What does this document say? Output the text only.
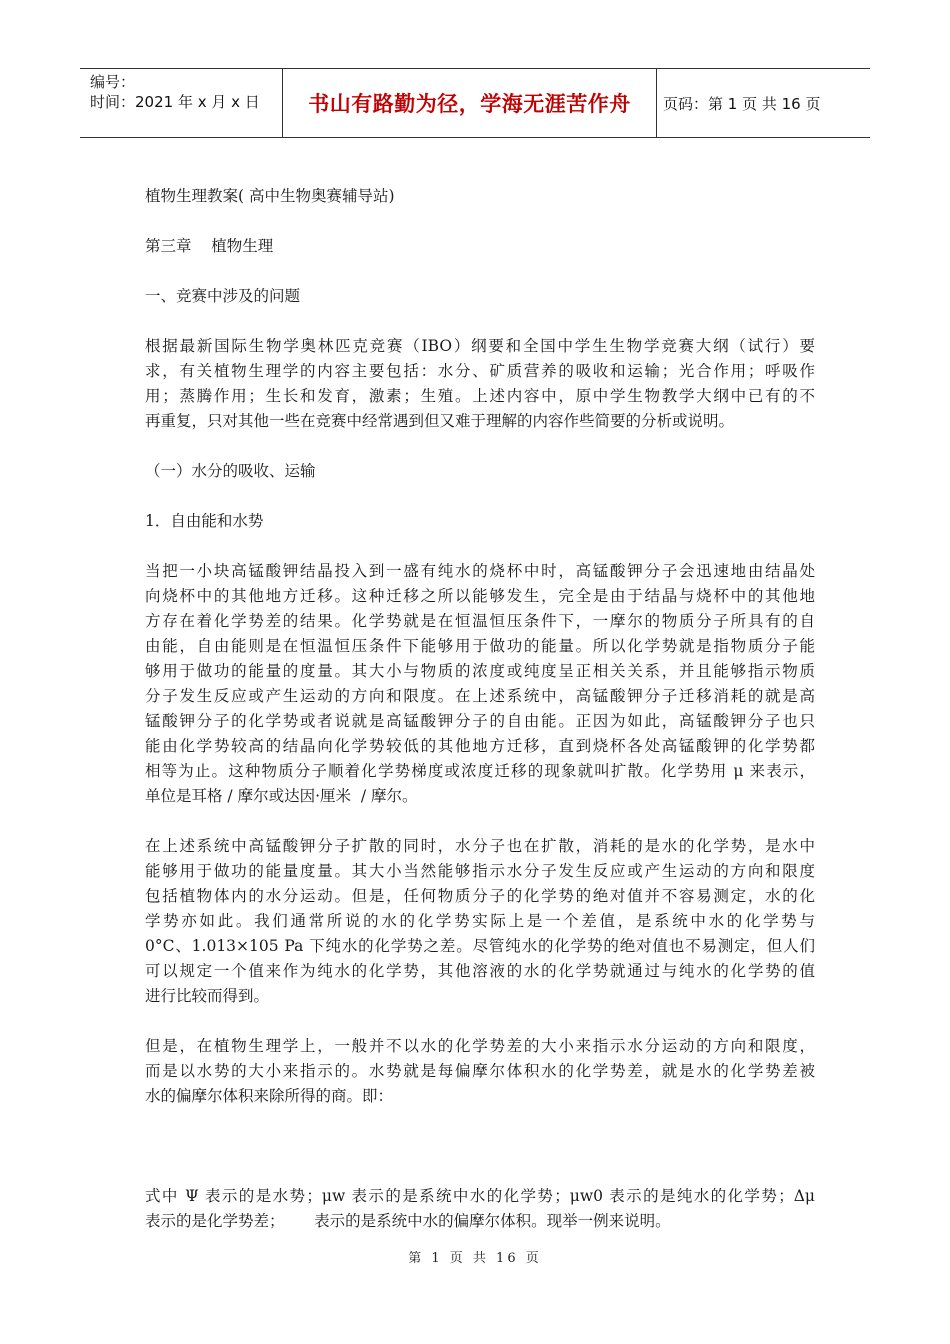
编号：
时间：2021 年 x 月 x 日	书山有路勤为径，学海无涯苦作舟 页码：第 1 页 共 16 页
植物生理教案( 高中生物奥赛辅导站)
第三章    植物生理
一、竞赛中涉及的问题
根据最新国际生物学奥林匹克竞赛（IBO）纲要和全国中学生生物学竞赛大纲（试行）要
求，有关植物生理学的内容主要包括：水分、矿质营养的吸收和运输；光合作用；呼吸作
用；蒸腾作用；生长和发育，激素；生殖。上述内容中，原中学生物教学大纲中已有的不
再重复，只对其他一些在竞赛中经常遇到但又难于理解的内容作些简要的分析或说明。
（一）水分的吸收、运输
1．自由能和水势
当把一小块高锰酸钾结晶投入到一盛有纯水的烧杯中时，高锰酸钾分子会迅速地由结晶处
向烧杯中的其他地方迁移。这种迁移之所以能够发生，完全是由于结晶与烧杯中的其他地
方存在着化学势差的结果。化学势就是在恒温恒压条件下，一摩尔的物质分子所具有的自
由能，自由能则是在恒温恒压条件下能够用于做功的能量。所以化学势就是指物质分子能
够用于做功的能量的度量。其大小与物质的浓度或纯度呈正相关关系，并且能够指示物质
分子发生反应或产生运动的方向和限度。在上述系统中，高锰酸钾分子迁移消耗的就是高
锰酸钾分子的化学势或者说就是高锰酸钾分子的自由能。正因为如此，高锰酸钾分子也只
能由化学势较高的结晶向化学势较低的其他地方迁移，直到烧杯各处高锰酸钾的化学势都
相等为止。这种物质分子顺着化学势梯度或浓度迁移的现象就叫扩散。化学势用 μ 来表示，
单位是耳格 / 摩尔或达因·厘米  / 摩尔。
在上述系统中高锰酸钾分子扩散的同时，水分子也在扩散，消耗的是水的化学势，是水中
能够用于做功的能量度量。其大小当然能够指示水分子发生反应或产生运动的方向和限度
包括植物体内的水分运动。但是，任何物质分子的化学势的绝对值并不容易测定，水的化
学势亦如此。我们通常所说的水的化学势实际上是一个差值，是系统中水的化学势与
0°C、1.013×105 Pa 下纯水的化学势之差。尽管纯水的化学势的绝对值也不易测定，但人们
可以规定一个值来作为纯水的化学势，其他溶液的水的化学势就通过与纯水的化学势的值
进行比较而得到。
但是，在植物生理学上，一般并不以水的化学势差的大小来指示水分运动的方向和限度，
而是以水势的大小来指示的。水势就是每偏摩尔体积水的化学势差，就是水的化学势差被
水的偏摩尔体积来除所得的商。即：
式中 Ψ 表示的是水势；μw 表示的是系统中水的化学势；μw0 表示的是纯水的化学势；Δμ
表示的是化学势差；      表示的是系统中水的偏摩尔体积。现举一例来说明。
第 1 页 共 16 页
